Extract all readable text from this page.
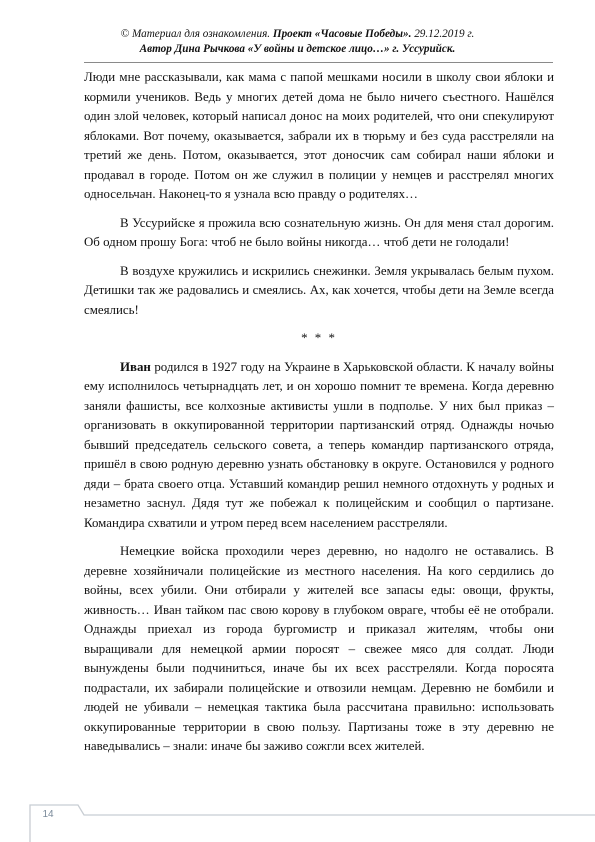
© Материал для ознакомления. Проект «Часовые Победы». 29.12.2019 г.
Автор Дина Рычкова «У войны и детское лицо…» г. Уссурийск.

Люди мне рассказывали, как мама с папой мешками носили в школу свои яблоки и кормили учеников. Ведь у многих детей дома не было ничего съестного. Нашёлся один злой человек, который написал донос на моих родителей, что они спекулируют яблоками. Вот почему, оказывается, забрали их в тюрьму и без суда расстреляли на третий же день. Потом, оказывается, этот доносчик сам собирал наши яблоки и продавал в городе. Потом он же служил в полиции у немцев и расстрелял многих односельчан. Наконец-то я узнала всю правду о родителях…

В Уссурийске я прожила всю сознательную жизнь. Он для меня стал дорогим. Об одном прошу Бога: чтоб не было войны никогда… чтоб дети не голодали!

В воздухе кружились и искрились снежинки. Земля укрывалась белым пухом. Детишки так же радовались и смеялись. Ах, как хочется, чтобы дети на Земле всегда смеялись!

* * *

Иван родился в 1927 году на Украине в Харьковской области. К началу войны ему исполнилось четырнадцать лет, и он хорошо помнит те времена. Когда деревню заняли фашисты, все колхозные активисты ушли в подполье. У них был приказ – организовать в оккупированной территории партизанский отряд. Однажды ночью бывший председатель сельского совета, а теперь командир партизанского отряда, пришёл в свою родную деревню узнать обстановку в округе. Остановился у родного дяди – брата своего отца. Уставший командир решил немного отдохнуть у родных и незаметно заснул. Дядя тут же побежал к полицейским и сообщил о партизане. Командира схватили и утром перед всем населением расстреляли.

Немецкие войска проходили через деревню, но надолго не оставались. В деревне хозяйничали полицейские из местного населения. На кого сердились до войны, всех убили. Они отбирали у жителей все запасы еды: овощи, фрукты, живность… Иван тайком пас свою корову в глубоком овраге, чтобы её не отобрали. Однажды приехал из города бургомистр и приказал жителям, чтобы они выращивали для немецкой армии поросят – свежее мясо для солдат. Люди вынуждены были подчиниться, иначе бы их всех расстреляли. Когда поросята подрастали, их забирали полицейские и отвозили немцам. Деревню не бомбили и людей не убивали – немецкая тактика была рассчитана правильно: использовать оккупированные территории в свою пользу. Партизаны тоже в эту деревню не наведывались – знали: иначе бы заживо сожгли всех жителей.

14
